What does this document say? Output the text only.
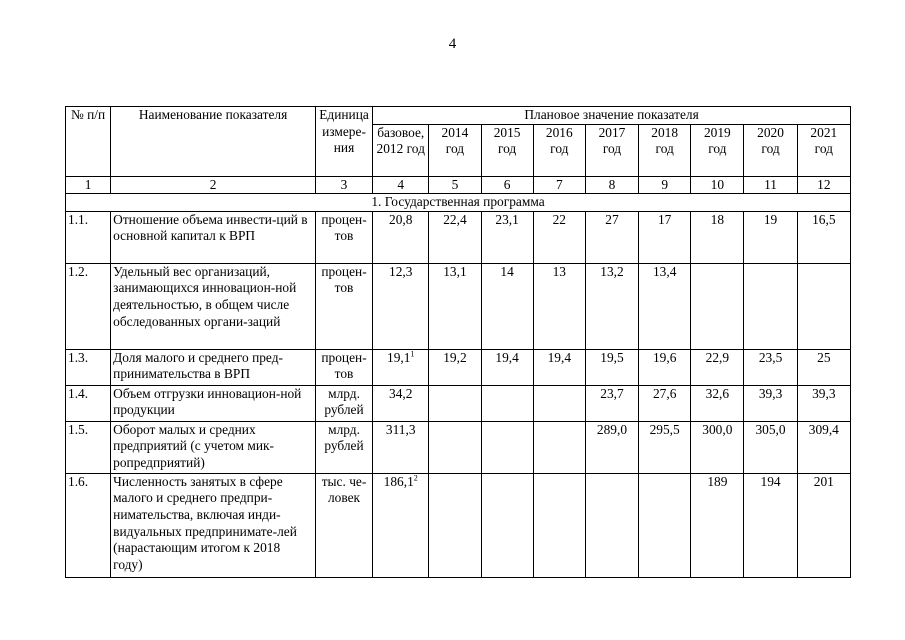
4
№ п/п	Наименование показателя	Единица измере-ния	Плановое значение показателя								
			базовое, 2012 год	2014 год	2015 год	2016 год	2017 год	2018 год	2019 год	2020 год	2021 год
1	2	3	4	5	6	7	8	9	10	11	12
1. Государственная программа											
1.1.	Отношение объема инвести-ций в основной капитал к ВРП	процен-тов	20,8	22,4	23,1	22	27	17	18	19	16,5
1.2.	Удельный вес организаций, занимающихся инновацион-ной деятельностью, в общем числе обследованных органи-заций	процен-тов	12,3	13,1	14	13	13,2	13,4			
1.3.	Доля малого и среднего пред-принимательства в ВРП	процен-тов	19,1$^1$	19,2	19,4	19,4	19,5	19,6	22,9	23,5	25
1.4.	Объем отгрузки инновацион-ной продукции	млрд. рублей	34,2				23,7	27,6	32,6	39,3	39,3
1.5.	Оборот малых и средних предприятий (с учетом мик-ропредприятий)	млрд. рублей	311,3				289,0	295,5	300,0	305,0	309,4
1.6.	Численность занятых в сфере малого и среднего предпри-нимательства, включая инди-видуальных предпринимате-лей (нарастающим итогом к 2018 году)	тыс. че-ловек	186,1$^2$						189	194	201
